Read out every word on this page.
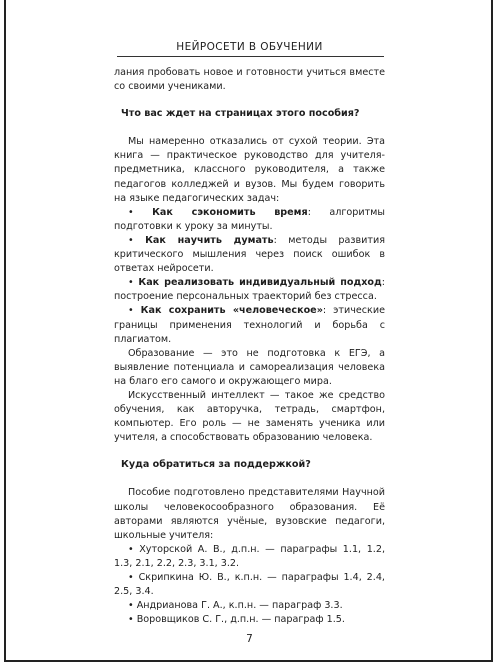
НЕЙРОСЕТИ В ОБУЧЕНИИ

лания пробовать новое и готовности учиться вместе со своими учениками.

Что вас ждет на страницах этого пособия?

Мы намеренно отказались от сухой теории. Эта книга — практическое руководство для учителя-предметника, классного руководителя, а также педагогов колледжей и вузов. Мы будем говорить на языке педагогических задач:

• Как сэкономить время: алгоритмы подготовки к уроку за минуты.

• Как научить думать: методы развития критического мышления через поиск ошибок в ответах нейросети.

• Как реализовать индивидуальный подход: построение персональных траекторий без стресса.

• Как сохранить «человеческое»: этические границы применения технологий и борьба с плагиатом.

Образование — это не подготовка к ЕГЭ, а выявление потенциала и самореализация человека на благо его самого и окружающего мира.

Искусственный интеллект — такое же средство обучения, как авторучка, тетрадь, смартфон, компьютер. Его роль — не заменять ученика или учителя, а способствовать образованию человека.

Куда обратиться за поддержкой?

Пособие подготовлено представителями Научной школы человекосообразного образования. Её авторами являются учёные, вузовские педагоги, школьные учителя:

• Хуторской А. В., д.п.н. — параграфы 1.1, 1.2, 1.3, 2.1, 2.2, 2.3, 3.1, 3.2.

• Скрипкина Ю. В., к.п.н. — параграфы 1.4, 2.4, 2.5, 3.4.

• Андрианова Г. А., к.п.н. — параграф 3.3.

• Воровщиков С. Г., д.п.н. — параграф 1.5.

7
